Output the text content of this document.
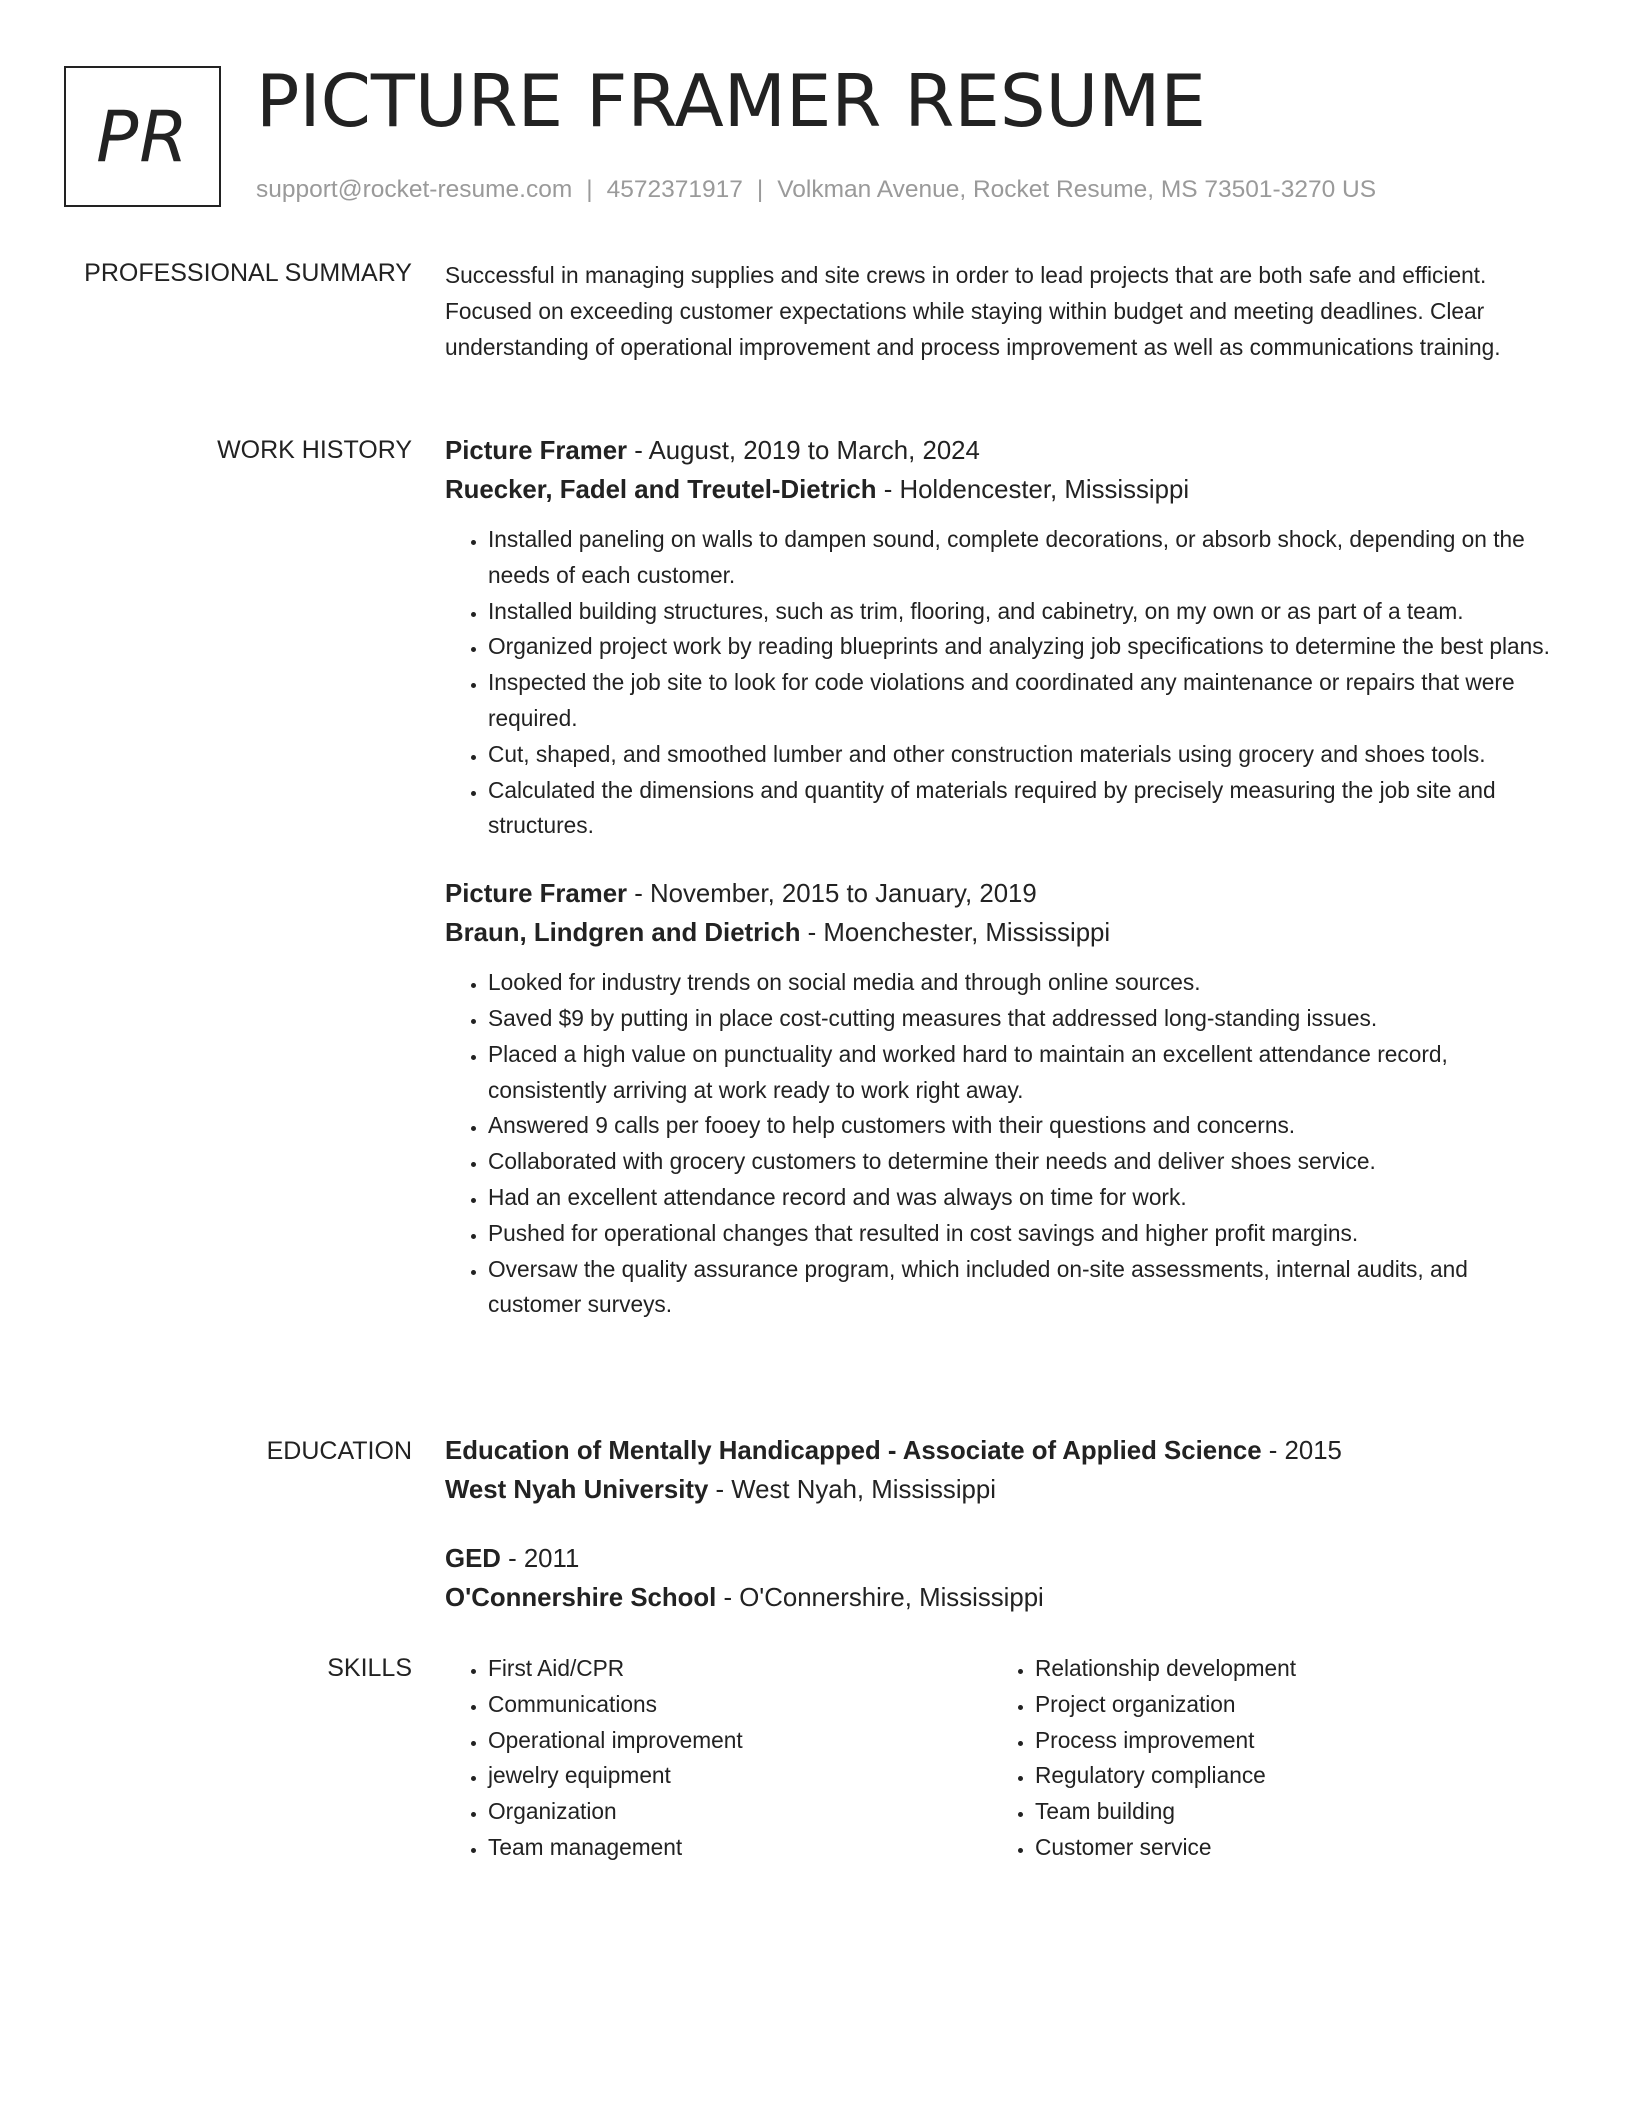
PR PICTURE FRAMER RESUME
support@rocket-resume.com | 4572371917 | Volkman Avenue, Rocket Resume, MS 73501-3270 US
PROFESSIONAL SUMMARY Successful in managing supplies and site crews in order to lead projects that are both safe and efficient. Focused on exceeding customer expectations while staying within budget and meeting deadlines. Clear understanding of operational improvement and process improvement as well as communications training.

WORK HISTORY Picture Framer - August, 2019 to March, 2024
Ruecker, Fadel and Treutel-Dietrich - Holdencester, Mississippi
• Installed paneling on walls to dampen sound, complete decorations, or absorb shock, depending on the needs of each customer.
• Installed building structures, such as trim, flooring, and cabinetry, on my own or as part of a team.
• Organized project work by reading blueprints and analyzing job specifications to determine the best plans.
• Inspected the job site to look for code violations and coordinated any maintenance or repairs that were required.
• Cut, shaped, and smoothed lumber and other construction materials using grocery and shoes tools.
• Calculated the dimensions and quantity of materials required by precisely measuring the job site and structures.
Picture Framer - November, 2015 to January, 2019
Braun, Lindgren and Dietrich - Moenchester, Mississippi
• Looked for industry trends on social media and through online sources.
• Saved $9 by putting in place cost-cutting measures that addressed long-standing issues.
• Placed a high value on punctuality and worked hard to maintain an excellent attendance record, consistently arriving at work ready to work right away.
• Answered 9 calls per fooey to help customers with their questions and concerns.
• Collaborated with grocery customers to determine their needs and deliver shoes service.
• Had an excellent attendance record and was always on time for work.
• Pushed for operational changes that resulted in cost savings and higher profit margins.
• Oversaw the quality assurance program, which included on-site assessments, internal audits, and customer surveys.
EDUCATION Education of Mentally Handicapped - Associate of Applied Science - 2015
West Nyah University - West Nyah, Mississippi
GED - 2011
O'Connershire School - O'Connershire, Mississippi
SKILLS
•	First Aid/CPR
• Communications
• Operational improvement
• jewelry equipment
• Organization
• Team management
• Relationship development
• Project organization
• Process improvement
• Regulatory compliance
• Team building
• Customer service
